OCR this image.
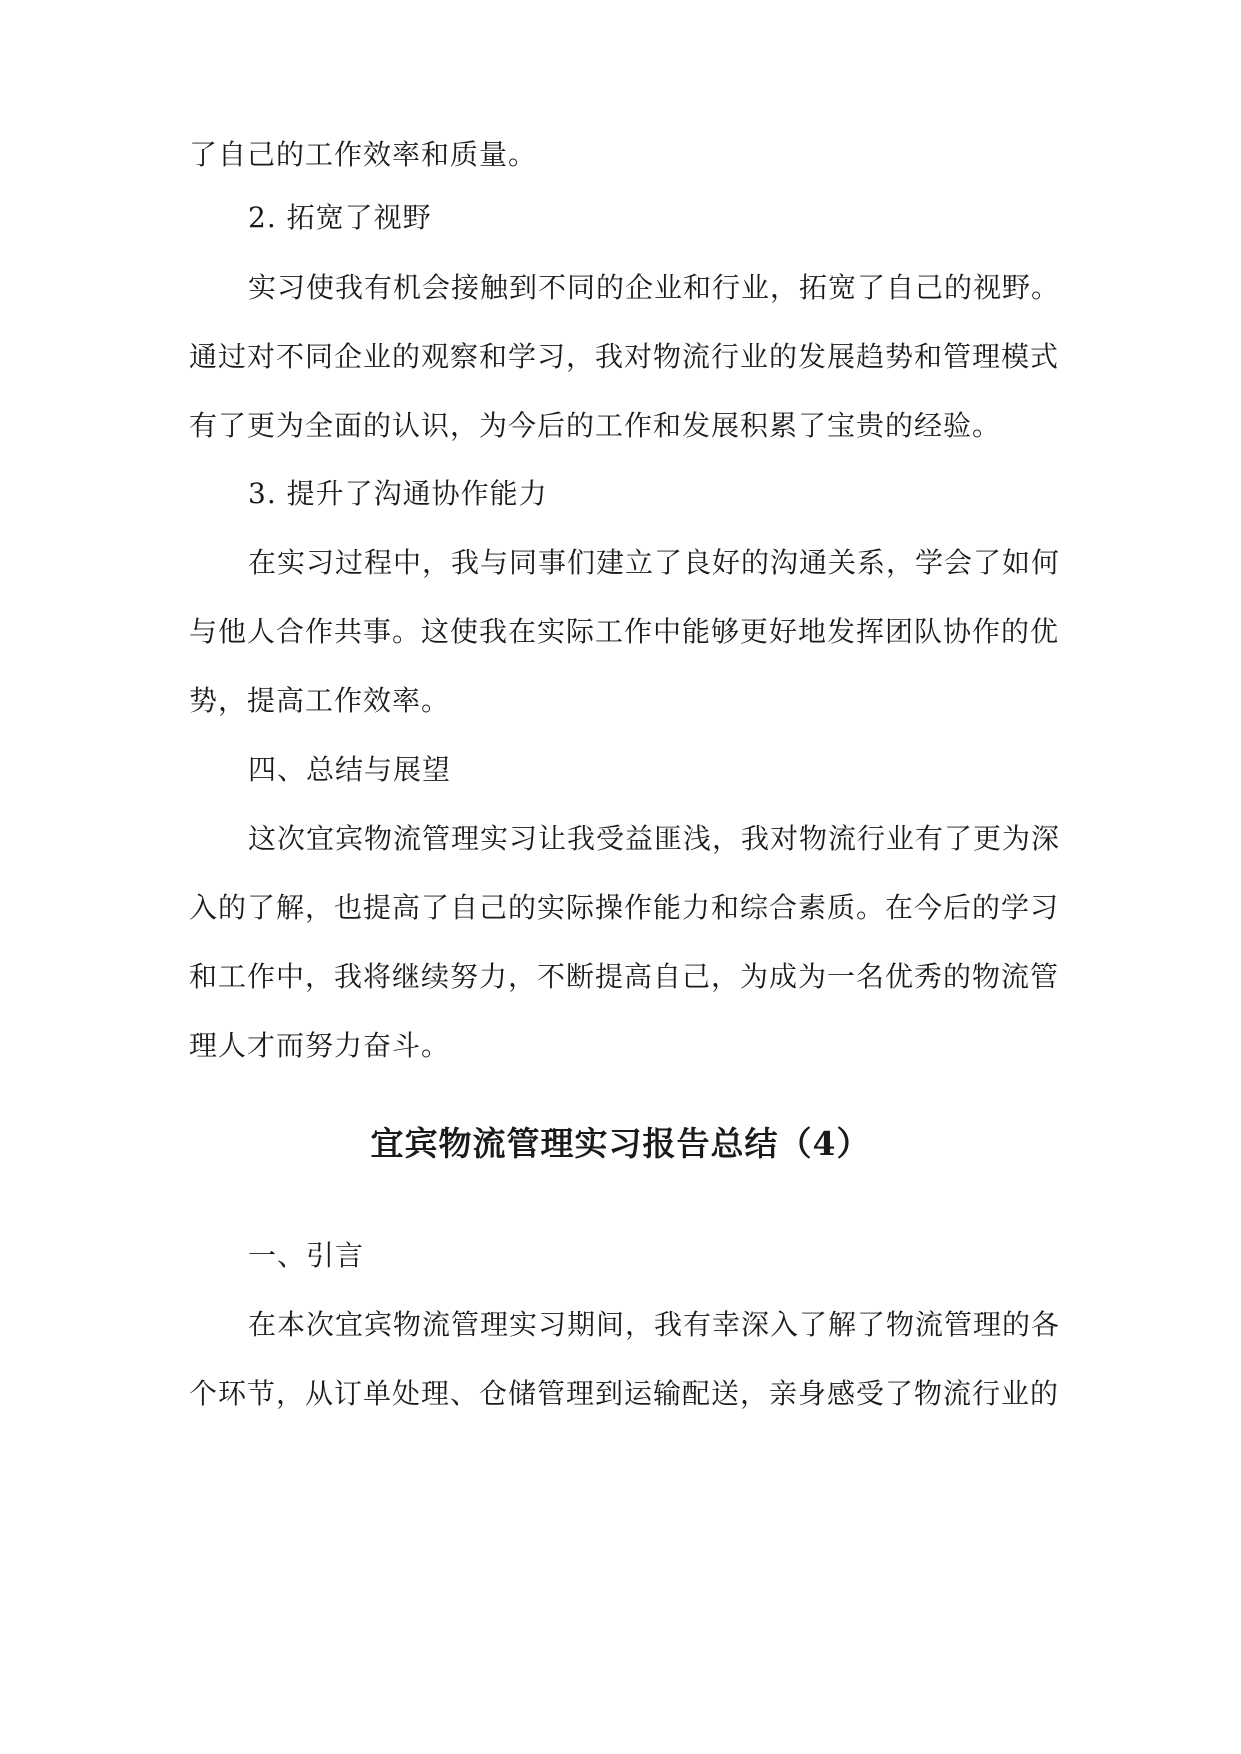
了自己的工作效率和质量。
2. 拓宽了视野
实习使我有机会接触到不同的企业和行业，拓宽了自己的视野。
通过对不同企业的观察和学习，我对物流行业的发展趋势和管理模式
有了更为全面的认识，为今后的工作和发展积累了宝贵的经验。
3. 提升了沟通协作能力
在实习过程中，我与同事们建立了良好的沟通关系，学会了如何
与他人合作共事。这使我在实际工作中能够更好地发挥团队协作的优
势，提高工作效率。
四、总结与展望
这次宜宾物流管理实习让我受益匪浅，我对物流行业有了更为深
入的了解，也提高了自己的实际操作能力和综合素质。在今后的学习
和工作中，我将继续努力，不断提高自己，为成为一名优秀的物流管
理人才而努力奋斗。
宜宾物流管理实习报告总结（4）
一、引言
在本次宜宾物流管理实习期间，我有幸深入了解了物流管理的各
个环节，从订单处理、仓储管理到运输配送，亲身感受了物流行业的
